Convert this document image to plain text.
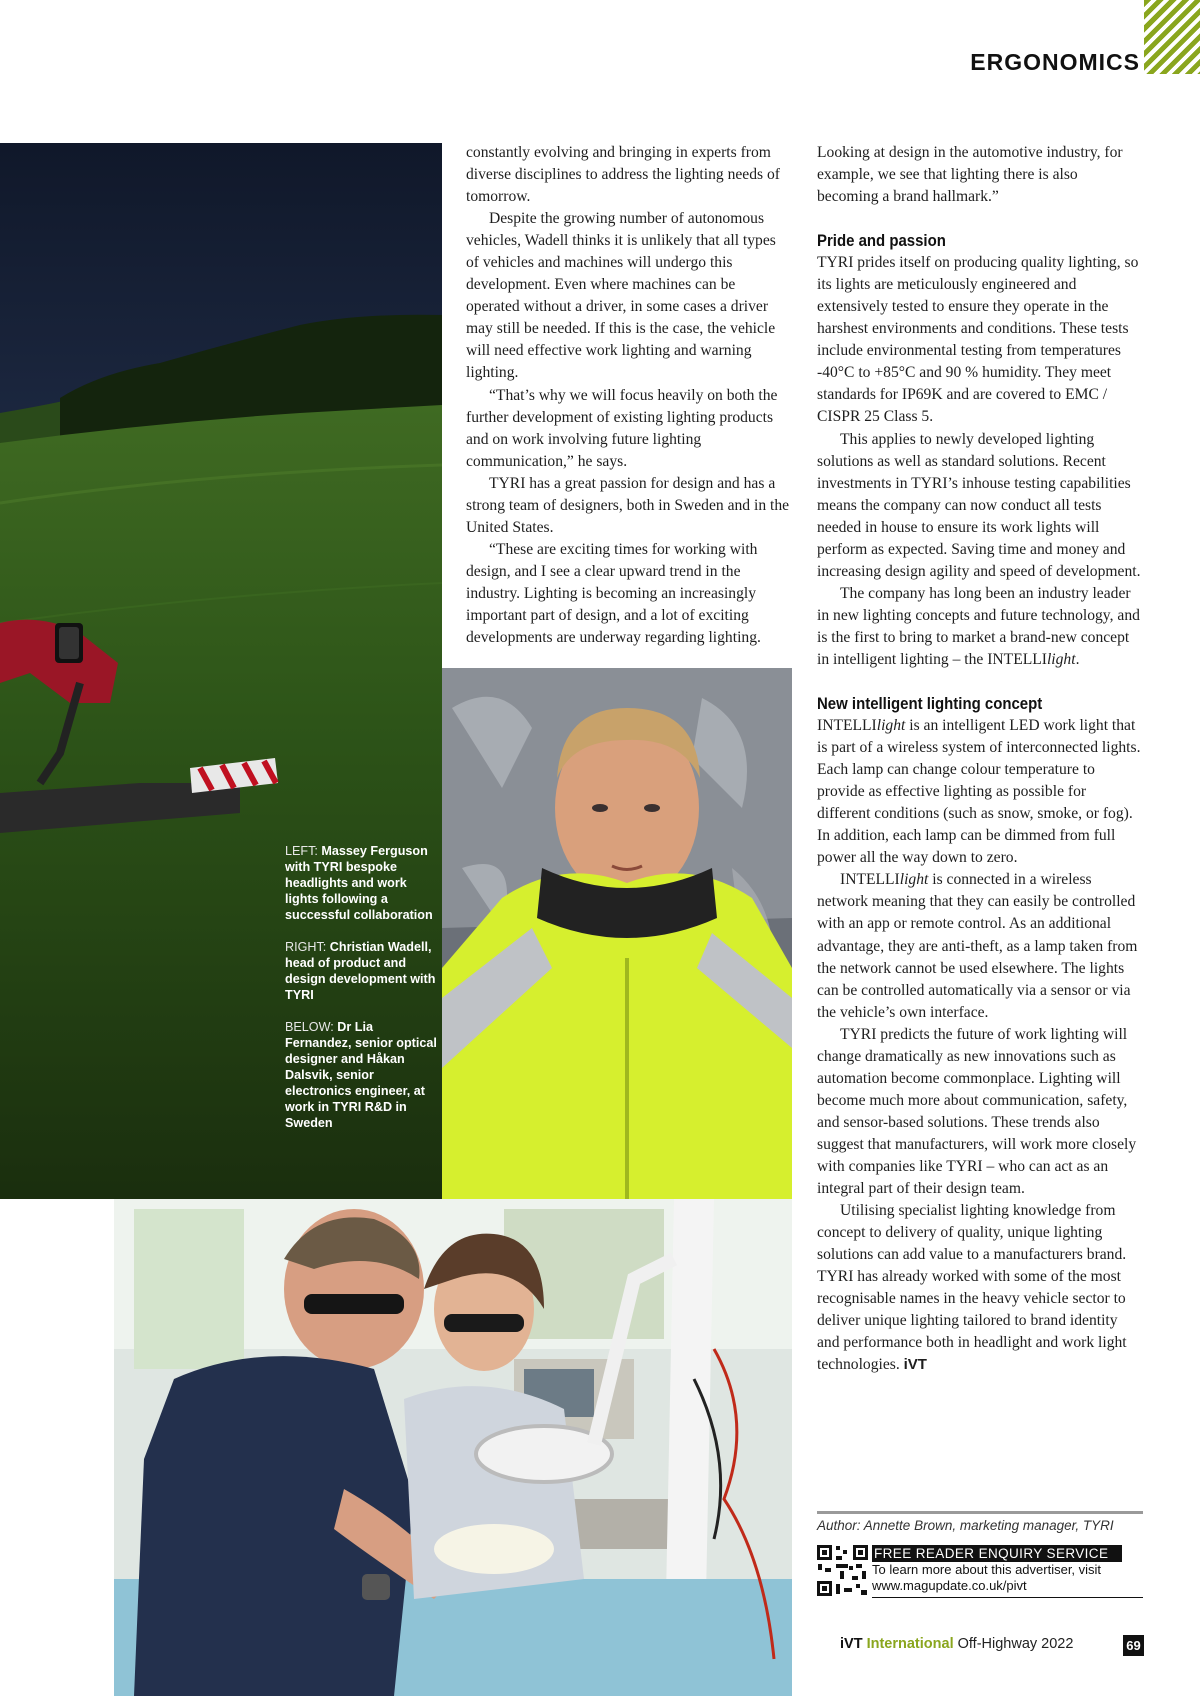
ERGONOMICS

LEFT: Massey Ferguson with TYRI bespoke headlights and work lights following a successful collaboration

RIGHT: Christian Wadell, head of product and design development with TYRI

BELOW: Dr Lia Fernandez, senior optical designer and Håkan Dalsvik, senior electronics engineer, at work in TYRI R&D in Sweden

constantly evolving and bringing in experts from diverse disciplines to address the lighting needs of tomorrow.

Despite the growing number of autonomous vehicles, Wadell thinks it is unlikely that all types of vehicles and machines will undergo this development. Even where machines can be operated without a driver, in some cases a driver may still be needed. If this is the case, the vehicle will need effective work lighting and warning lighting.

“That’s why we will focus heavily on both the further development of existing lighting products and on work involving future lighting communication,” he says.

TYRI has a great passion for design and has a strong team of designers, both in Sweden and in the United States.

“These are exciting times for working with design, and I see a clear upward trend in the industry. Lighting is becoming an increasingly important part of design, and a lot of exciting developments are underway regarding lighting.

Looking at design in the automotive industry, for example, we see that lighting there is also becoming a brand hallmark.”

Pride and passion

TYRI prides itself on producing quality lighting, so its lights are meticulously engineered and extensively tested to ensure they operate in the harshest environments and conditions. These tests include environmental testing from temperatures -40°C to +85°C and 90 % humidity. They meet standards for IP69K and are covered to EMC / CISPR 25 Class 5.

This applies to newly developed lighting solutions as well as standard solutions. Recent investments in TYRI’s inhouse testing capabilities means the company can now conduct all tests needed in house to ensure its work lights will perform as expected. Saving time and money and increasing design agility and speed of development.

The company has long been an industry leader in new lighting concepts and future technology, and is the first to bring to market a brand-new concept in intelligent lighting – the INTELLIlight.

New intelligent lighting concept

INTELLIlight is an intelligent LED work light that is part of a wireless system of interconnected lights. Each lamp can change colour temperature to provide as effective lighting as possible for different conditions (such as snow, smoke, or fog). In addition, each lamp can be dimmed from full power all the way down to zero.

INTELLIlight is connected in a wireless network meaning that they can easily be controlled with an app or remote control. As an additional advantage, they are anti-theft, as a lamp taken from the network cannot be used elsewhere. The lights can be controlled automatically via a sensor or via the vehicle’s own interface.

TYRI predicts the future of work lighting will change dramatically as new innovations such as automation become commonplace. Lighting will become much more about communication, safety, and sensor-based solutions. These trends also suggest that manufacturers, will work more closely with companies like TYRI – who can act as an integral part of their design team.

Utilising specialist lighting knowledge from concept to delivery of quality, unique lighting solutions can add value to a manufacturers brand. TYRI has already worked with some of the most recognisable names in the heavy vehicle sector to deliver unique lighting tailored to brand identity and performance both in headlight and work light technologies. iVT

Author: Annette Brown, marketing manager, TYRI
FREE READER ENQUIRY SERVICE
To learn more about this advertiser, visit
www.magupdate.co.uk/pivt
iVT International Off-Highway 2022	69
